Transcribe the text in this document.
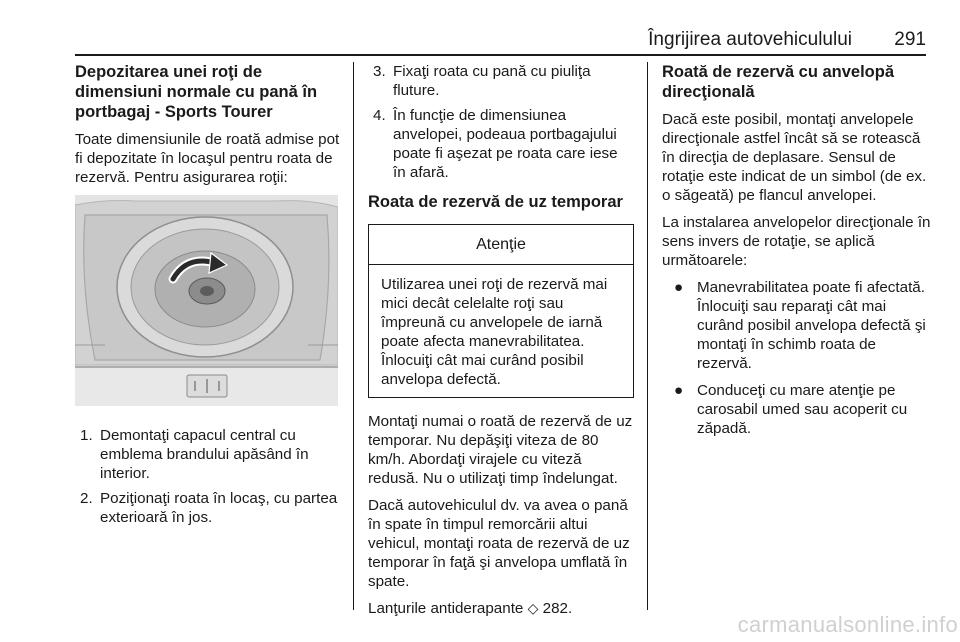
Îngrijirea autovehiculului	291
Depozitarea unei roţi de dimensiuni normale cu pană în portbagaj - Sports Tourer

Toate dimensiunile de roată admise pot fi depozitate în locaşul pentru roata de rezervă. Pentru asigurarea roţii:

1. Demontaţi capacul central cu emblema brandului apăsând în interior.
2. Poziţionaţi roata în locaş, cu partea exterioară în jos.
3. Fixaţi roata cu pană cu piuliţa fluture.
4. În funcţie de dimensiunea anvelopei, podeaua portbagajului poate fi aşezat pe roata care iese în afară.
Roata de rezervă de uz temporar
Atenţie
Utilizarea unei roţi de rezervă mai mici decât celelalte roţi sau împreună cu anvelopele de iarnă poate afecta manevrabilitatea. Înlocuiţi cât mai curând posibil anvelopa defectă.

Montaţi numai o roată de rezervă de uz temporar. Nu depăşiţi viteza de 80 km/h. Abordaţi virajele cu viteză redusă. Nu o utilizaţi timp îndelungat.

Dacă autovehiculul dv. va avea o pană în spate în timpul remorcării altui vehicul, montaţi roata de rezervă de uz temporar în faţă şi anvelopa umflată în spate.

Lanţurile antiderapante ◇ 282.

Roată de rezervă cu anvelopă direcţională

Dacă este posibil, montaţi anvelopele direcţionale astfel încât să se rotească în direcţia de deplasare. Sensul de rotaţie este indicat de un simbol (de ex. o săgeată) pe flancul anvelopei.

La instalarea anvelopelor direcţionale în sens invers de rotaţie, se aplică următoarele:

● Manevrabilitatea poate fi afectată. Înlocuiţi sau reparaţi cât mai curând posibil anvelopa defectă şi montaţi în schimb roata de rezervă.
● Conduceţi cu mare atenţie pe carosabil umed sau acoperit cu zăpadă.
carmanualsonline.info
